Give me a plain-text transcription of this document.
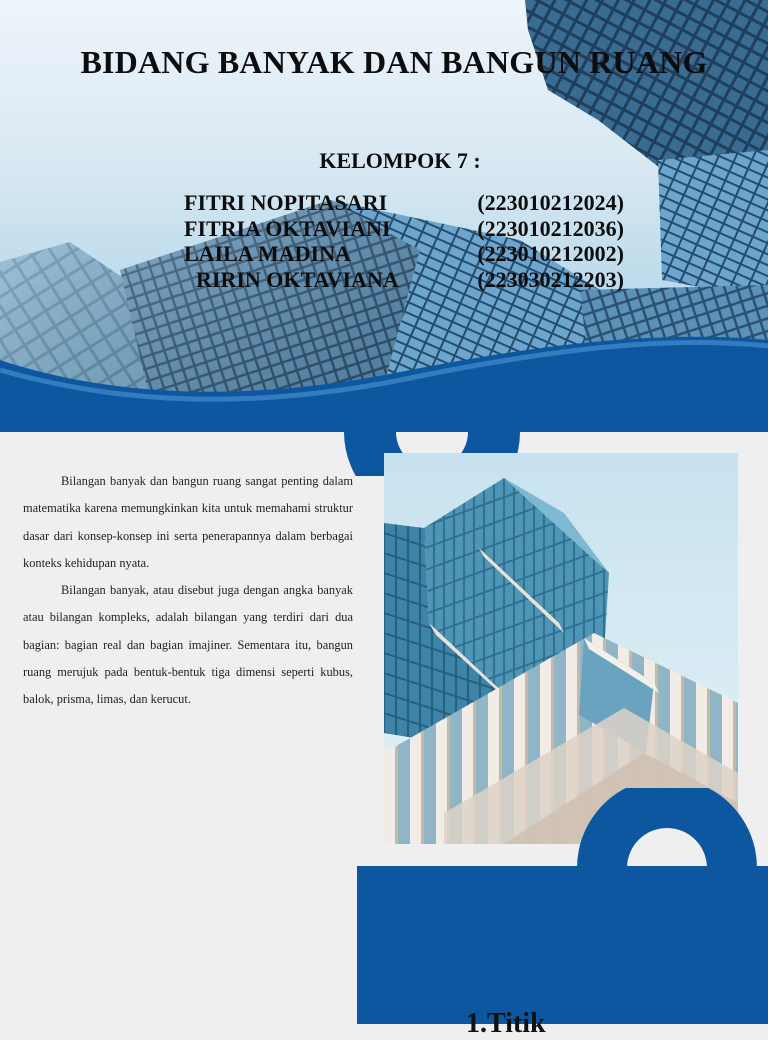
BIDANG BANYAK DAN BANGUN RUANG
KELOMPOK 7 :
FITRI NOPITASARI	(223010212024)
FITRIA OKTAVIANI	(223010212036)
LAILA MADINA	(223010212002)
RIRIN OKTAVIANA	(223030212203)

Bilangan banyak dan bangun ruang sangat penting dalam matematika karena memungkinkan kita untuk memahami struktur dasar dari konsep-konsep ini serta penerapannya dalam berbagai konteks kehidupan nyata.

Bilangan banyak, atau disebut juga dengan angka banyak atau bilangan kompleks, adalah bilangan yang terdiri dari dua bagian: bagian real dan bagian imajiner. Sementara itu, bangun ruang merujuk pada bentuk-bentuk tiga dimensi seperti kubus, balok, prisma, limas, dan kerucut.

1.Titik
